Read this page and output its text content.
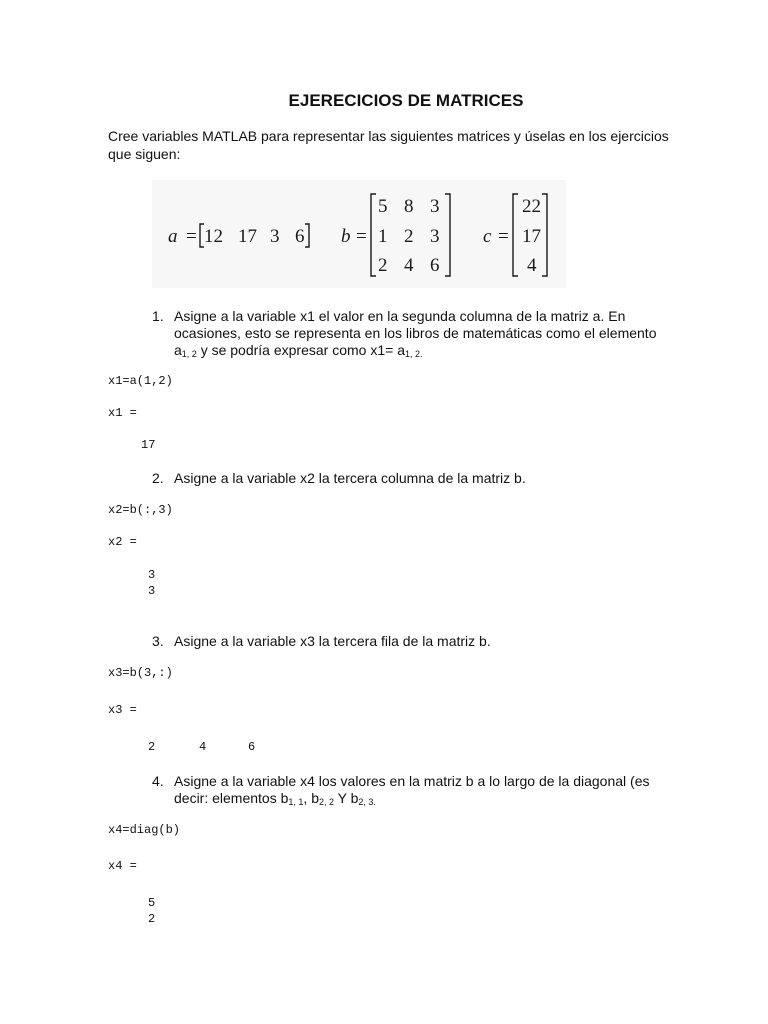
EJERECICIOS DE MATRICES
Cree variables MATLAB para representar las siguientes matrices y úselas en los ejercicios que siguen:
a = 12 17 3 6 b =
5 8 3
1 2 3
2 4 6
c =
22
17
4
1. Asigne a la variable x1 el valor en la segunda columna de la matriz a. En ocasiones, esto se representa en los libros de matemáticas como el elemento $a_{1, 2}$ y se podría expresar como $x1= a_{1, 2.}$
x1=a(1,2)
x1 =
17
2. Asigne a la variable x2 la tercera columna de la matriz b.
x2=b(:,3)
x2 =
3
3
3. Asigne a la variable x3 la tercera fila de la matriz b.
x3=b(3,:)
x3 =
2	4	6
4. Asigne a la variable x4 los valores en la matriz b a lo largo de la diagonal (es decir: elementos $b_{1, 1}$, $b_{2, 2}$ Y $b_{2, 3.}$
x4=diag(b)
x4 =
5
2
